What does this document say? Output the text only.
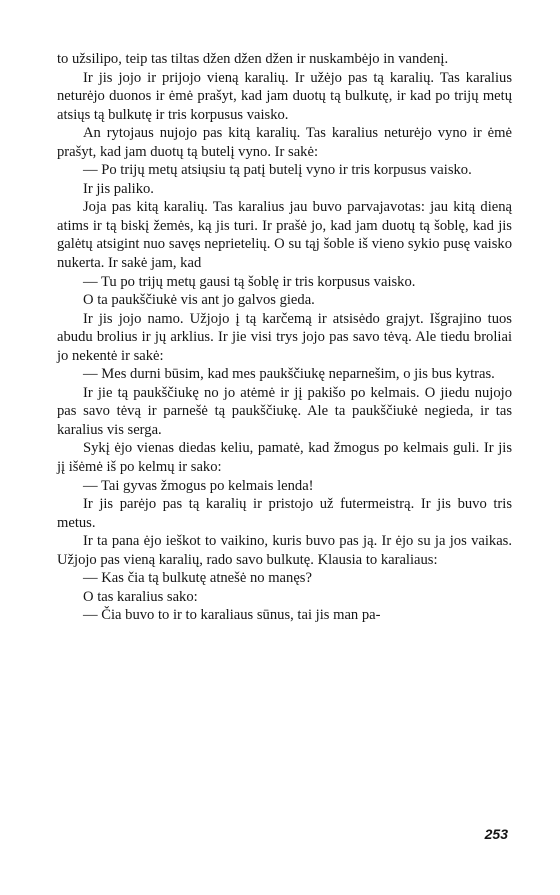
to užsilipo, teip tas tiltas džen džen džen ir nuskambėjo in vandenį.

Ir jis jojo ir prijojo vieną karalių. Ir užėjo pas tą karalių. Tas karalius neturėjo duonos ir ėmė prašyt, kad jam duotų tą bulkutę, ir kad po trijų metų atsiųs tą bulkutę ir tris korpusus vaisko.

An rytojaus nujojo pas kitą karalių. Tas karalius neturėjo vyno ir ėmė prašyt, kad jam duotų tą butelį vyno. Ir sakė:

— Po trijų metų atsiųsiu tą patį butelį vyno ir tris korpusus vaisko.

Ir jis paliko.

Joja pas kitą karalių. Tas karalius jau buvo parvajavotas: jau kitą dieną atims ir tą biskį žemės, ką jis turi. Ir prašė jo, kad jam duotų tą šoblę, kad jis galėtų atsigint nuo savęs neprietelių. O su tąj šoble iš vieno sykio pusę vaisko nukerta. Ir sakė jam, kad

— Tu po trijų metų gausi tą šoblę ir tris korpusus vaisko.

O ta paukščiukė vis ant jo galvos gieda.

Ir jis jojo namo. Užjojo į tą karčemą ir atsisėdo grajyt. Išgrajino tuos abudu brolius ir jų arklius. Ir jie visi trys jojo pas savo tėvą. Ale tiedu broliai jo nekentė ir sakė:

— Mes durni būsim, kad mes paukščiukę neparnešim, o jis bus kytras.

Ir jie tą paukščiukę no jo atėmė ir jį pakišo po kelmais. O jiedu nujojo pas savo tėvą ir parnešė tą paukščiukę. Ale ta paukščiukė negieda, ir tas karalius vis serga.

Sykį ėjo vienas diedas keliu, pamatė, kad žmogus po kelmais guli. Ir jis jį išėmė iš po kelmų ir sako:

— Tai gyvas žmogus po kelmais lenda!

Ir jis parėjo pas tą karalių ir pristojo už futermeistrą. Ir jis buvo tris metus.

Ir ta pana ėjo ieškot to vaikino, kuris buvo pas ją. Ir ėjo su ja jos vaikas. Užjojo pas vieną karalių, rado savo bulkutę. Klausia to karaliaus:

— Kas čia tą bulkutę atnešė no manęs?

O tas karalius sako:

— Čia buvo to ir to karaliaus sūnus, tai jis man pa-

253
